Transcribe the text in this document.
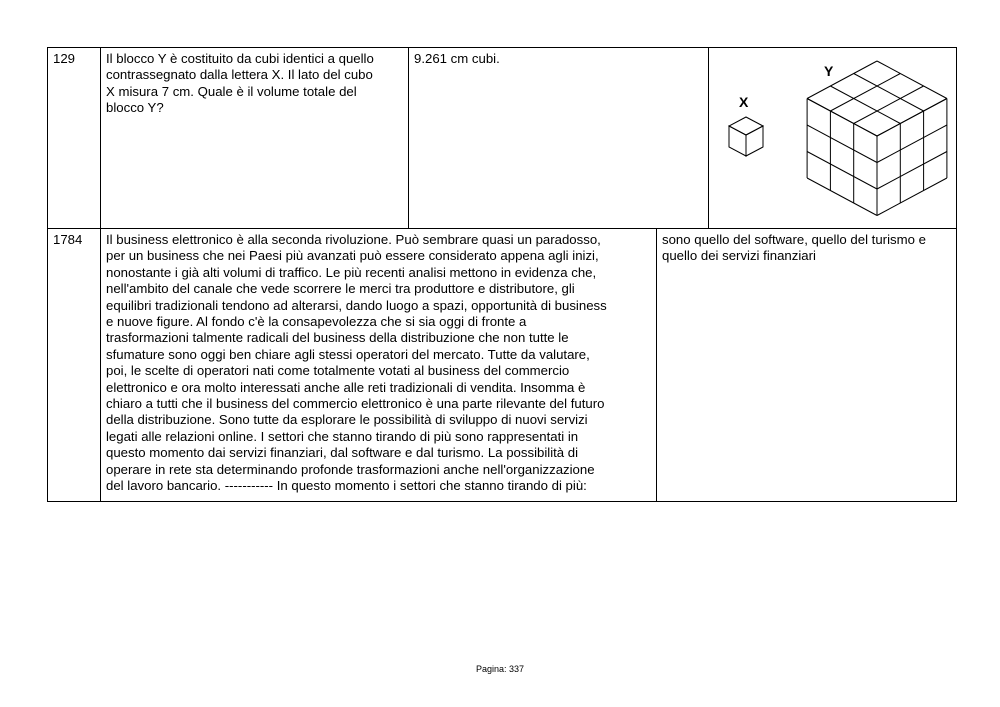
129	Il blocco Y è costituito da cubi identici a quello
contrassegnato dalla lettera X. Il lato del cubo
X misura 7 cm. Quale è il volume totale del
blocco Y?
9.261 cm cubi.
X
Y
1784	Il business elettronico è alla seconda rivoluzione. Può sembrare quasi un paradosso,
per un business che nei Paesi più avanzati può essere considerato appena agli inizi,
nonostante i già alti volumi di traffico. Le più recenti analisi mettono in evidenza che,
nell'ambito del canale che vede scorrere le merci tra produttore e distributore, gli
equilibri tradizionali tendono ad alterarsi, dando luogo a spazi, opportunità di business
e nuove figure. Al fondo c'è la consapevolezza che si sia oggi di fronte a
trasformazioni talmente radicali del business della distribuzione che non tutte le
sfumature sono oggi ben chiare agli stessi operatori del mercato. Tutte da valutare,
poi, le scelte di operatori nati come totalmente votati al business del commercio
elettronico e ora molto interessati anche alle reti tradizionali di vendita. Insomma è
chiaro a tutti che il business del commercio elettronico è una parte rilevante del futuro
della distribuzione. Sono tutte da esplorare le possibilità di sviluppo di nuovi servizi
legati alle relazioni online. I settori che stanno tirando di più sono rappresentati in
questo momento dai servizi finanziari, dal software e dal turismo. La possibilità di
operare in rete sta determinando profonde trasformazioni anche nell'organizzazione
del lavoro bancario. ----------- In questo momento i settori che stanno tirando di più:
sono quello del software, quello del turismo e
quello dei servizi finanziari
Pagina: 337
